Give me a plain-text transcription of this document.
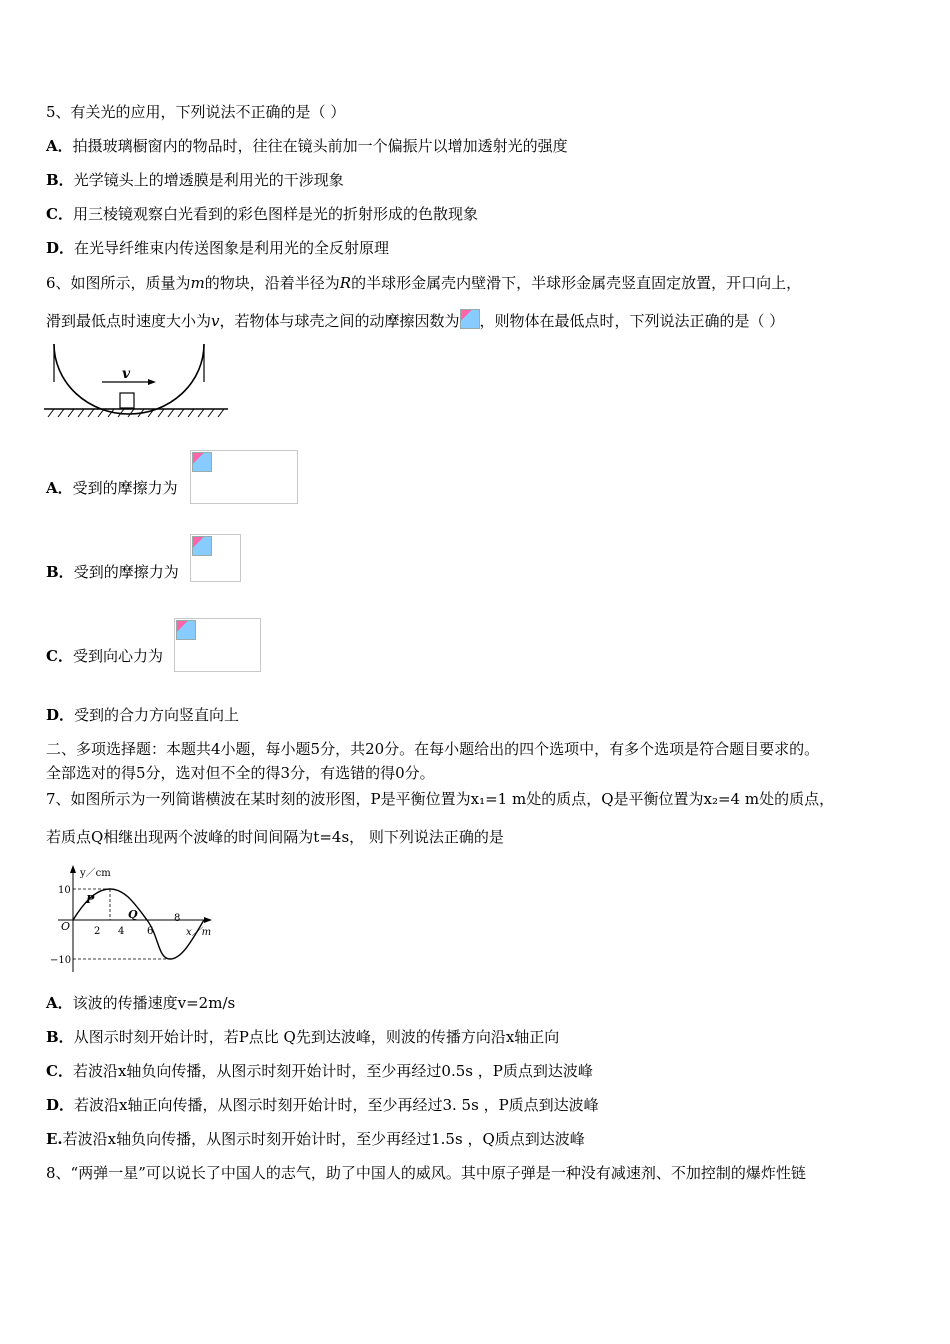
5、有关光的应用，下列说法不正确的是（ ）
A．拍摄玻璃橱窗内的物品时，往往在镜头前加一个偏振片以增加透射光的强度
B．光学镜头上的增透膜是利用光的干涉现象
C．用三棱镜观察白光看到的彩色图样是光的折射形成的色散现象
D．在光导纤维束内传送图象是利用光的全反射原理
6、如图所示，质量为m的物块，沿着半径为R的半球形金属壳内壁滑下，半球形金属壳竖直固定放置，开口向上，
滑到最低点时速度大小为v，若物体与球壳之间的动摩擦因数为 ，则物体在最低点时，下列说法正确的是（ ）
v
A．受到的摩擦力为
B．受到的摩擦力为
C．受到向心力为
D．受到的合力方向竖直向上
二、多项选择题：本题共4小题，每小题5分，共20分。在每小题给出的四个选项中，有多个选项是符合题目要求的。
全部选对的得5分，选对但不全的得3分，有选错的得0分。
7、如图所示为一列简谐横波在某时刻的波形图，P是平衡位置为x₁=1 m处的质点，Q是平衡位置为x₂=4 m处的质点，
若质点Q相继出现两个波峰的时间间隔为t=4s， 则下列说法正确的是
y／cm
x／m
10
−10
O 2 4 6
8
P
Q
A．该波的传播速度v=2m/s
B．从图示时刻开始计时，若P点比 Q先到达波峰，则波的传播方向沿x轴正向
C．若波沿x轴负向传播，从图示时刻开始计时，至少再经过0.5s ，P质点到达波峰
D．若波沿x轴正向传播，从图示时刻开始计时，至少再经过3. 5s ，P质点到达波峰
E.若波沿x轴负向传播，从图示时刻开始计时，至少再经过1.5s ，Q质点到达波峰
8、“两弹一星”可以说长了中国人的志气，助了中国人的威风。其中原子弹是一种没有减速剂、不加控制的爆炸性链
